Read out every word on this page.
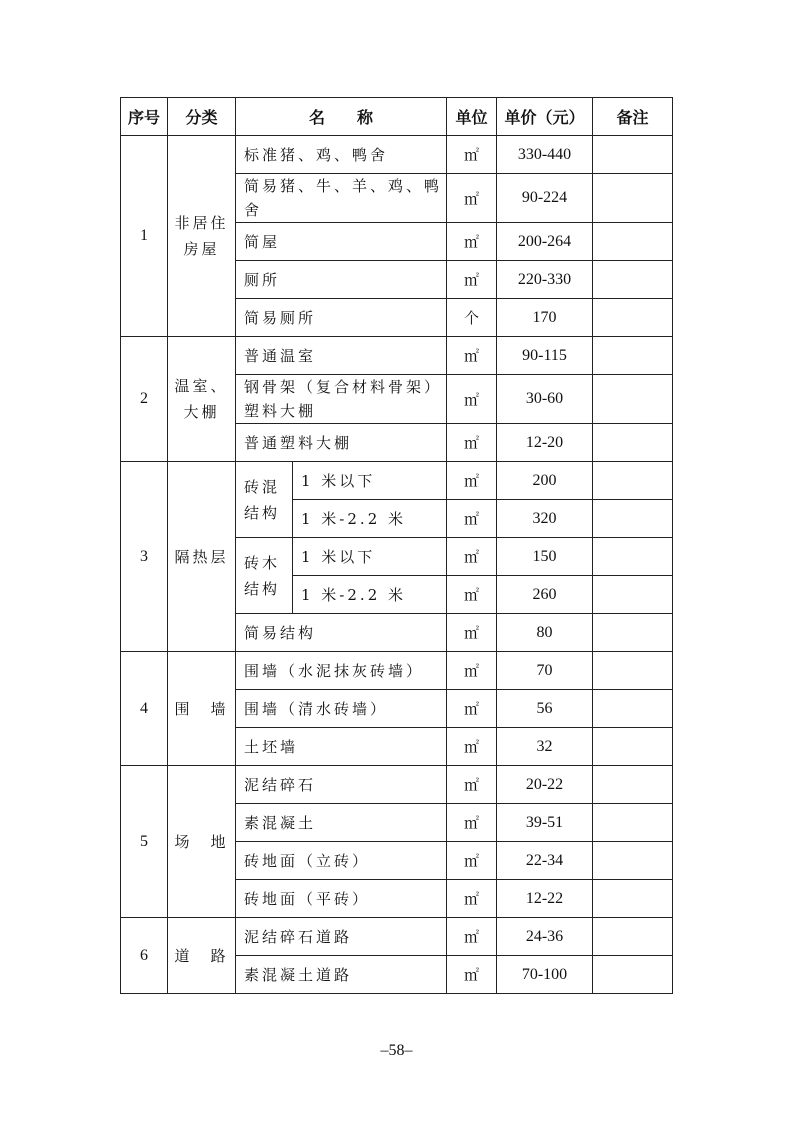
序号	分类	名　　称		单位	单价（元）	备注
1	非居住房屋	标准猪、鸡、鸭舍		㎡	330-440	
		简易猪、牛、羊、鸡、鸭舍		㎡	90-224	
		简屋		㎡	200-264	
		厕所		㎡	220-330	
		简易厕所		个	170	
2	温室、大棚	普通温室		㎡	90-115	
		钢骨架（复合材料骨架）塑料大棚		㎡	30-60	
		普通塑料大棚		㎡	12-20	
3	隔热层	砖混结构	1 米以下	㎡	200	
			1 米-2.2 米	㎡	320	
		砖木结构	1 米以下	㎡	150	
			1 米-2.2 米	㎡	260	
		简易结构		㎡	80	
4	围　墙	围墙（水泥抹灰砖墙）		㎡	70	
		围墙（清水砖墙）		㎡	56	
		土坯墙		㎡	32	
5	场　地	泥结碎石		㎡	20-22	
		素混凝土		㎡	39-51	
		砖地面（立砖）		㎡	22-34	
		砖地面（平砖）		㎡	12-22	
6	道　路	泥结碎石道路		㎡	24-36	
		素混凝土道路		㎡	70-100	
–58–
